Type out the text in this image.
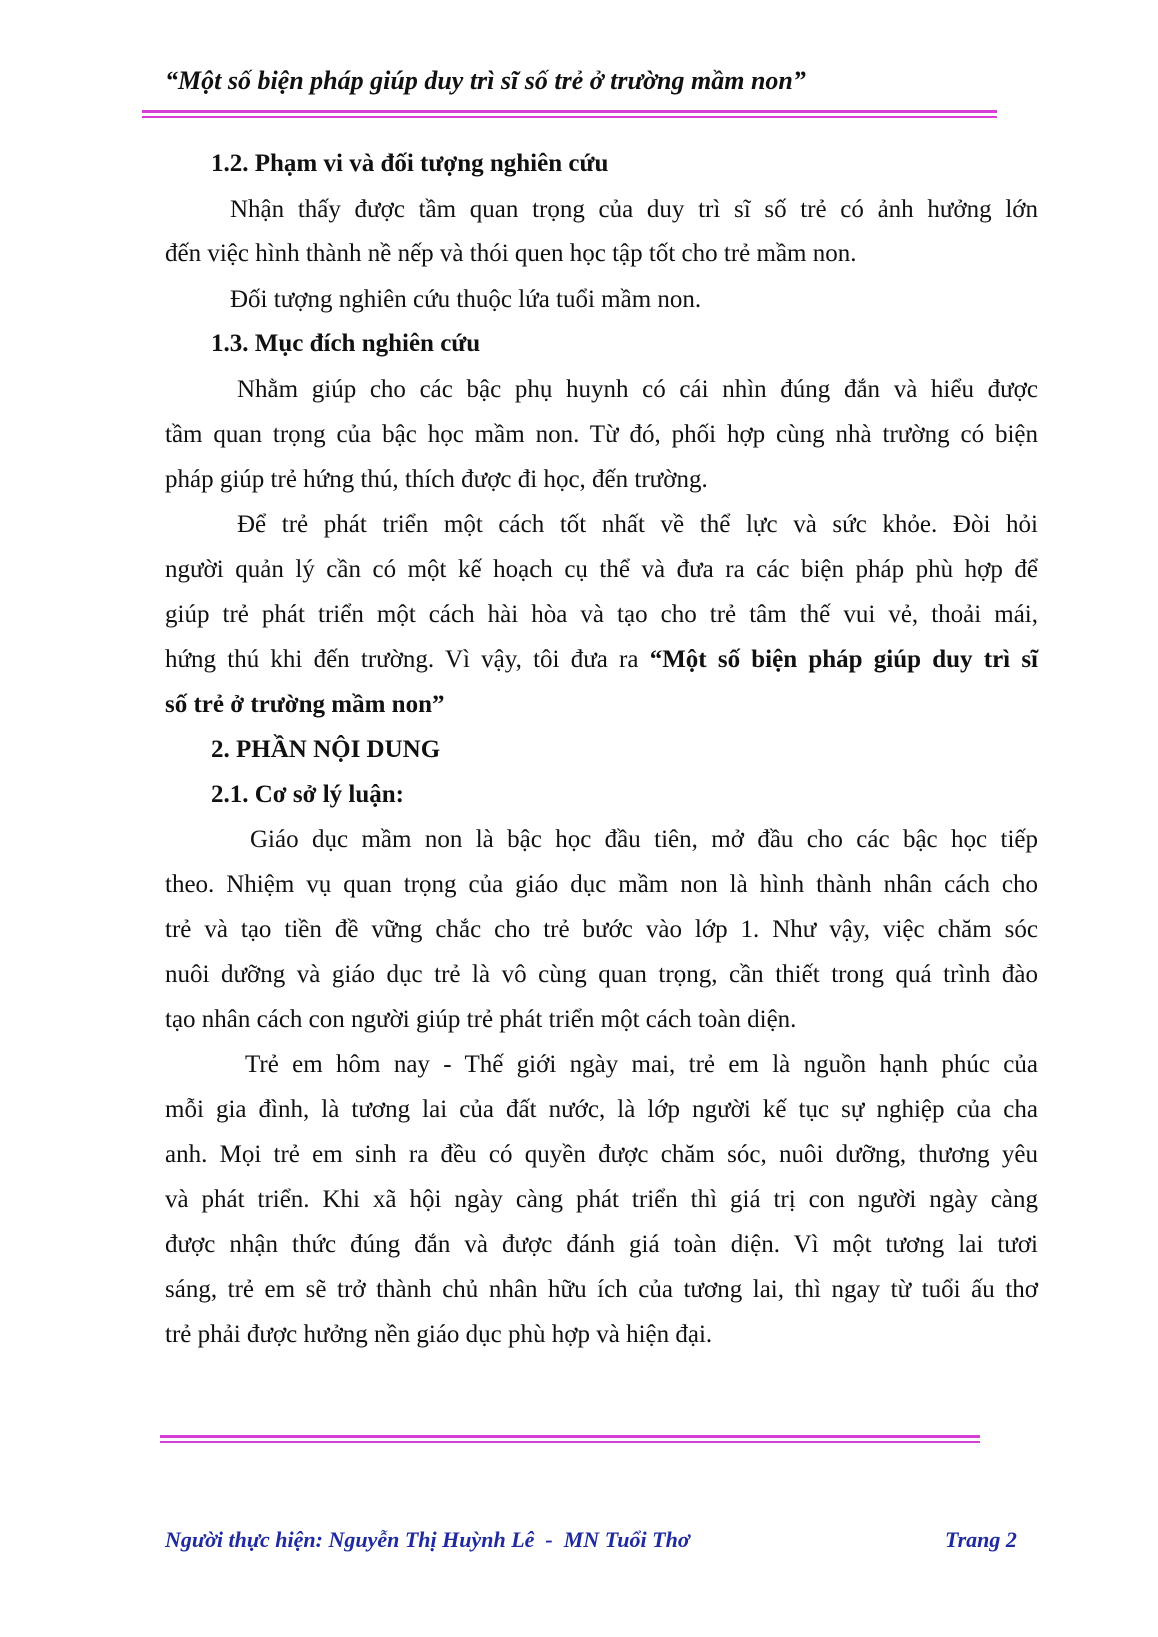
“Một số biện pháp giúp duy trì sĩ số trẻ ở trường mầm non”
1.2. Phạm vi và đối tượng nghiên cứu
Nhận thấy được tầm quan trọng của duy trì sĩ số trẻ có ảnh hưởng lớn
đến việc hình thành nề nếp và thói quen học tập tốt cho trẻ mầm non.
Đối tượng nghiên cứu thuộc lứa tuổi mầm non.
1.3. Mục đích nghiên cứu
Nhằm giúp cho các bậc phụ huynh có cái nhìn đúng đắn và hiểu được
tầm quan trọng của bậc học mầm non. Từ đó, phối hợp cùng nhà trường có biện
pháp giúp trẻ hứng thú, thích được đi học, đến trường.
Để trẻ phát triển một cách tốt nhất về thể lực và sức khỏe. Đòi hỏi
người quản lý cần có một kế hoạch cụ thể và đưa ra các biện pháp phù hợp để
giúp trẻ phát triển một cách hài hòa và tạo cho trẻ tâm thế vui vẻ, thoải mái,
hứng thú khi đến trường. Vì vậy, tôi đưa ra “Một số biện pháp giúp duy trì sĩ
số trẻ ở trường mầm non”
2. PHẦN NỘI DUNG
2.1. Cơ sở lý luận:
Giáo dục mầm non là bậc học đầu tiên, mở đầu cho các bậc học tiếp
theo. Nhiệm vụ quan trọng của giáo dục mầm non là hình thành nhân cách cho
trẻ và tạo tiền đề vững chắc cho trẻ bước vào lớp 1. Như vậy, việc chăm sóc
nuôi dưỡng và giáo dục trẻ là vô cùng quan trọng, cần thiết trong quá trình đào
tạo nhân cách con người giúp trẻ phát triển một cách toàn diện.
Trẻ em hôm nay - Thế giới ngày mai, trẻ em là nguồn hạnh phúc của
mỗi gia đình, là tương lai của đất nước, là lớp người kế tục sự nghiệp của cha
anh. Mọi trẻ em sinh ra đều có quyền được chăm sóc, nuôi dưỡng, thương yêu
và phát triển. Khi xã hội ngày càng phát triển thì giá trị con người ngày càng
được nhận thức đúng đắn và được đánh giá toàn diện. Vì một tương lai tươi
sáng, trẻ em sẽ trở thành chủ nhân hữu ích của tương lai, thì ngay từ tuổi ấu thơ
trẻ phải được hưởng nền giáo dục phù hợp và hiện đại.
Người thực hiện: Nguyễn Thị Huỳnh Lê  -  MN Tuổi Thơ	Trang 2
